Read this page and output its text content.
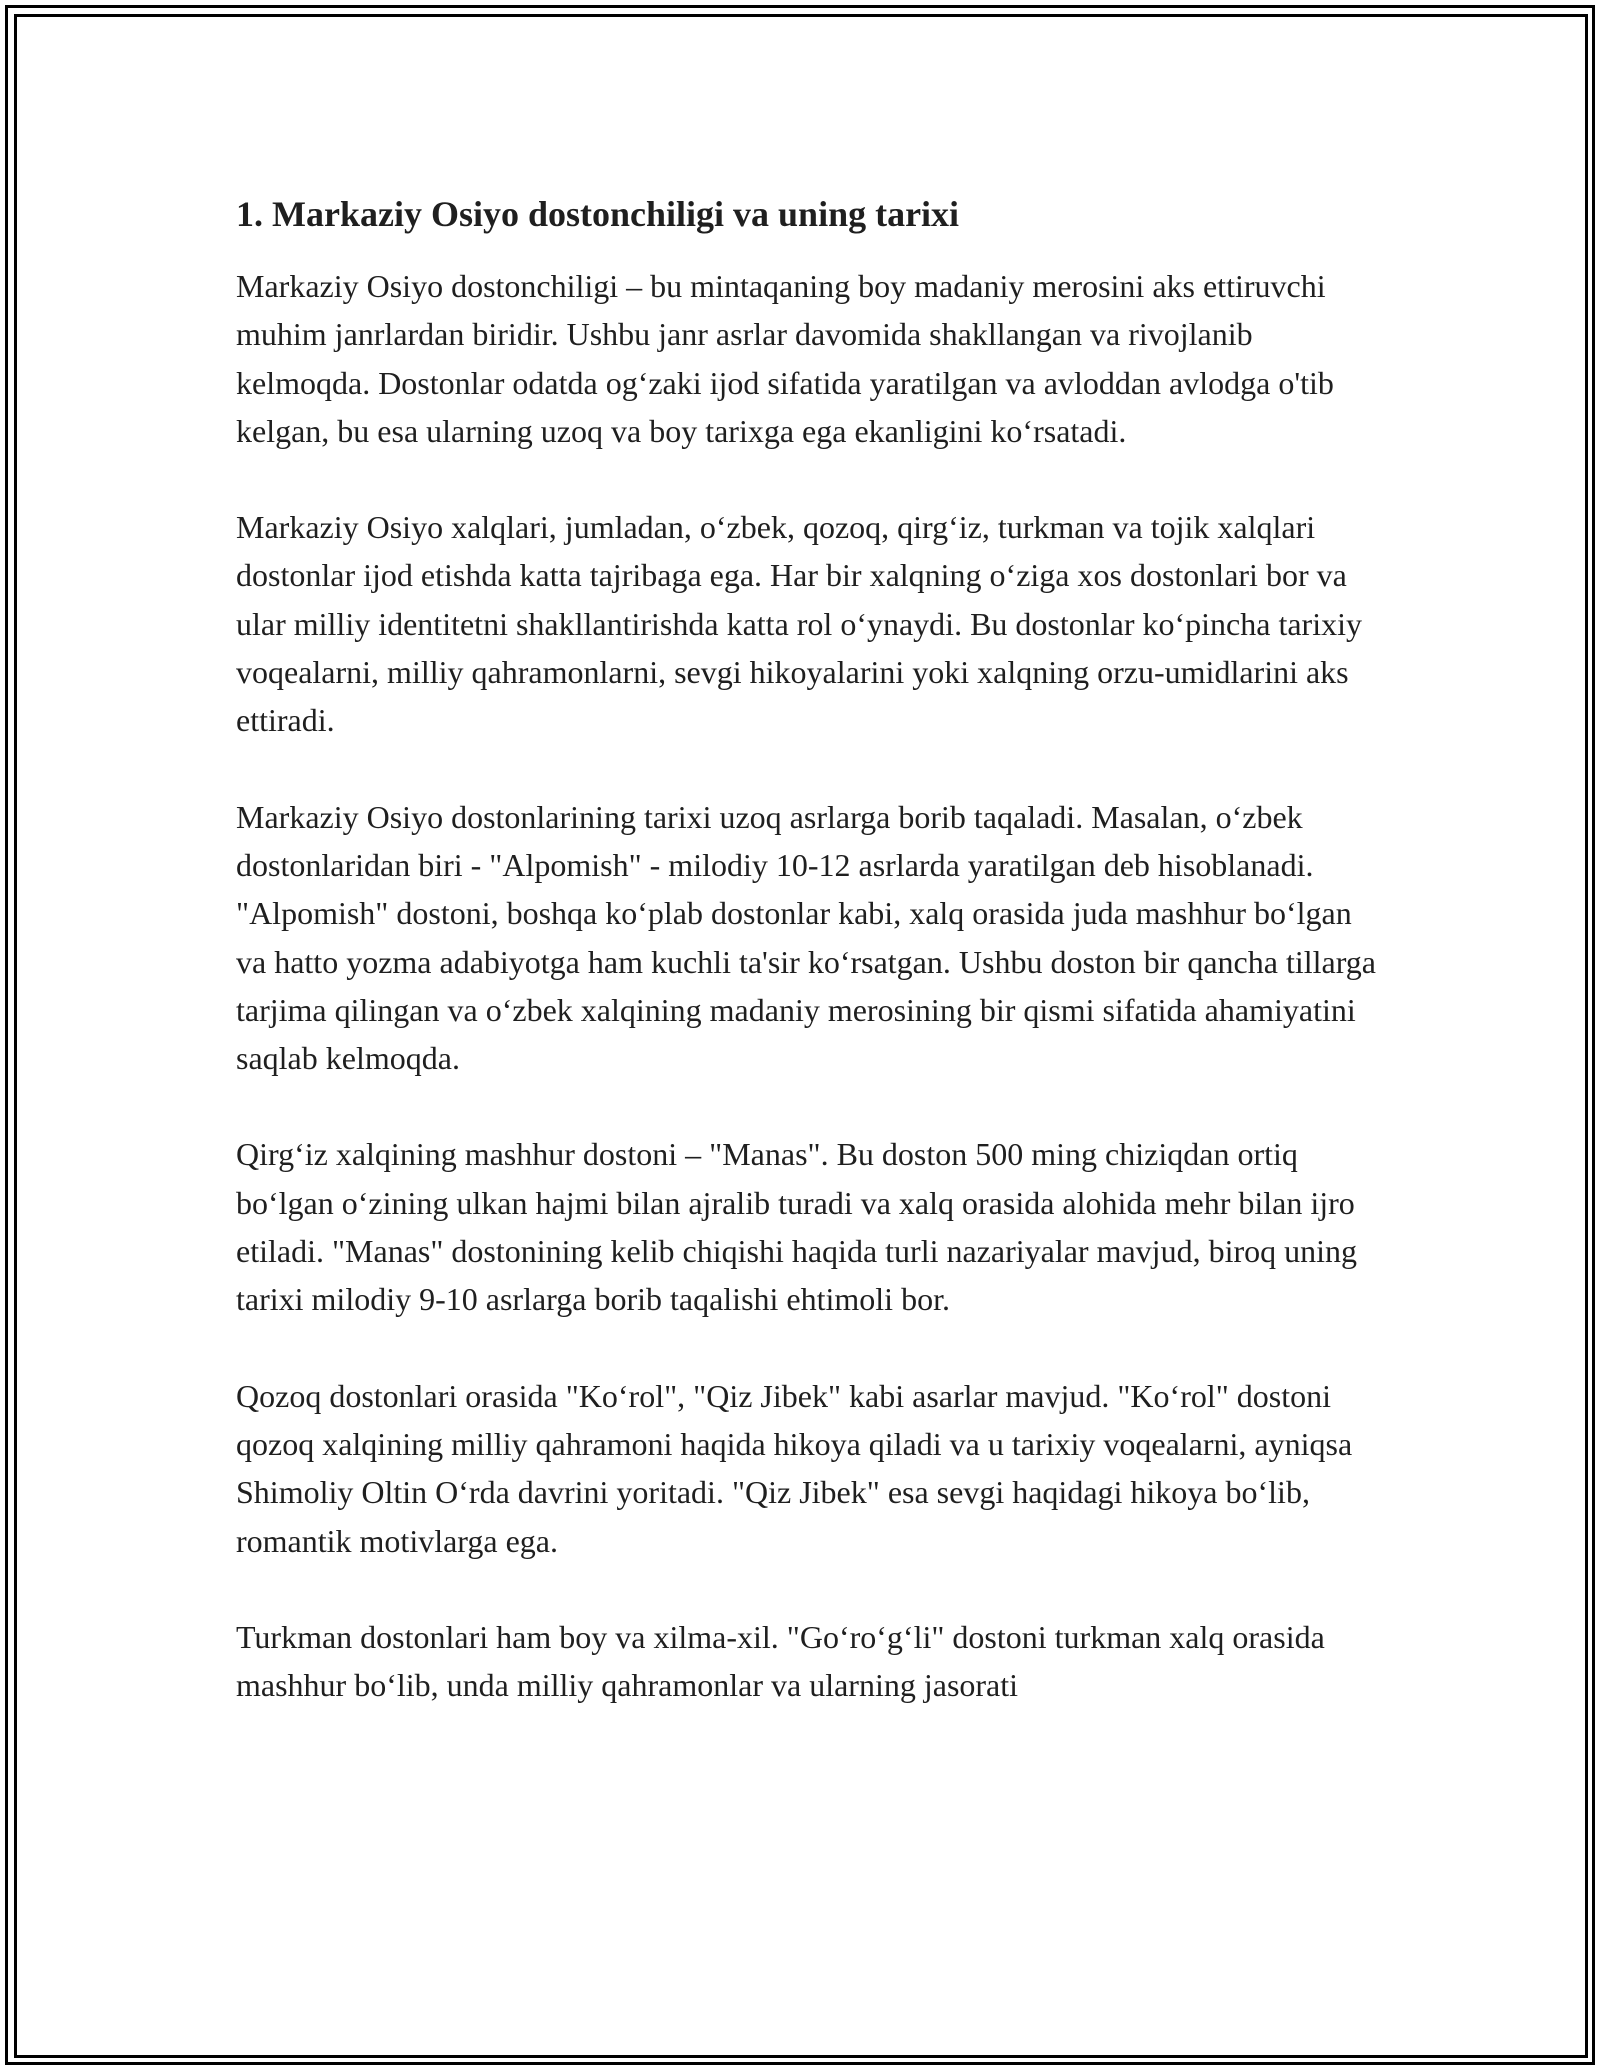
1. Markaziy Osiyo dostonchiligi va uning tarixi

Markaziy Osiyo dostonchiligi – bu mintaqaning boy madaniy merosini aks ettiruvchi muhim janrlardan biridir. Ushbu janr asrlar davomida shakllangan va rivojlanib kelmoqda. Dostonlar odatda og‘zaki ijod sifatida yaratilgan va avloddan avlodga o'tib kelgan, bu esa ularning uzoq va boy tarixga ega ekanligini ko‘rsatadi.

Markaziy Osiyo xalqlari, jumladan, o‘zbek, qozoq, qirg‘iz, turkman va tojik xalqlari dostonlar ijod etishda katta tajribaga ega. Har bir xalqning o‘ziga xos dostonlari bor va ular milliy identitetni shakllantirishda katta rol o‘ynaydi. Bu dostonlar ko‘pincha tarixiy voqealarni, milliy qahramonlarni, sevgi hikoyalarini yoki xalqning orzu-umidlarini aks ettiradi.

Markaziy Osiyo dostonlarining tarixi uzoq asrlarga borib taqaladi. Masalan, o‘zbek dostonlaridan biri - "Alpomish" - milodiy 10-12 asrlarda yaratilgan deb hisoblanadi. "Alpomish" dostoni, boshqa ko‘plab dostonlar kabi, xalq orasida juda mashhur bo‘lgan va hatto yozma adabiyotga ham kuchli ta'sir ko‘rsatgan. Ushbu doston bir qancha tillarga tarjima qilingan va o‘zbek xalqining madaniy merosining bir qismi sifatida ahamiyatini saqlab kelmoqda.

Qirg‘iz xalqining mashhur dostoni – "Manas". Bu doston 500 ming chiziqdan ortiq bo‘lgan o‘zining ulkan hajmi bilan ajralib turadi va xalq orasida alohida mehr bilan ijro etiladi. "Manas" dostonining kelib chiqishi haqida turli nazariyalar mavjud, biroq uning tarixi milodiy 9-10 asrlarga borib taqalishi ehtimoli bor.

Qozoq dostonlari orasida "Ko‘rol", "Qiz Jibek" kabi asarlar mavjud. "Ko‘rol" dostoni qozoq xalqining milliy qahramoni haqida hikoya qiladi va u tarixiy voqealarni, ayniqsa Shimoliy Oltin O‘rda davrini yoritadi. "Qiz Jibek" esa sevgi haqidagi hikoya bo‘lib, romantik motivlarga ega.

Turkman dostonlari ham boy va xilma-xil. "Go‘ro‘g‘li" dostoni turkman xalq orasida mashhur bo‘lib, unda milliy qahramonlar va ularning jasorati
